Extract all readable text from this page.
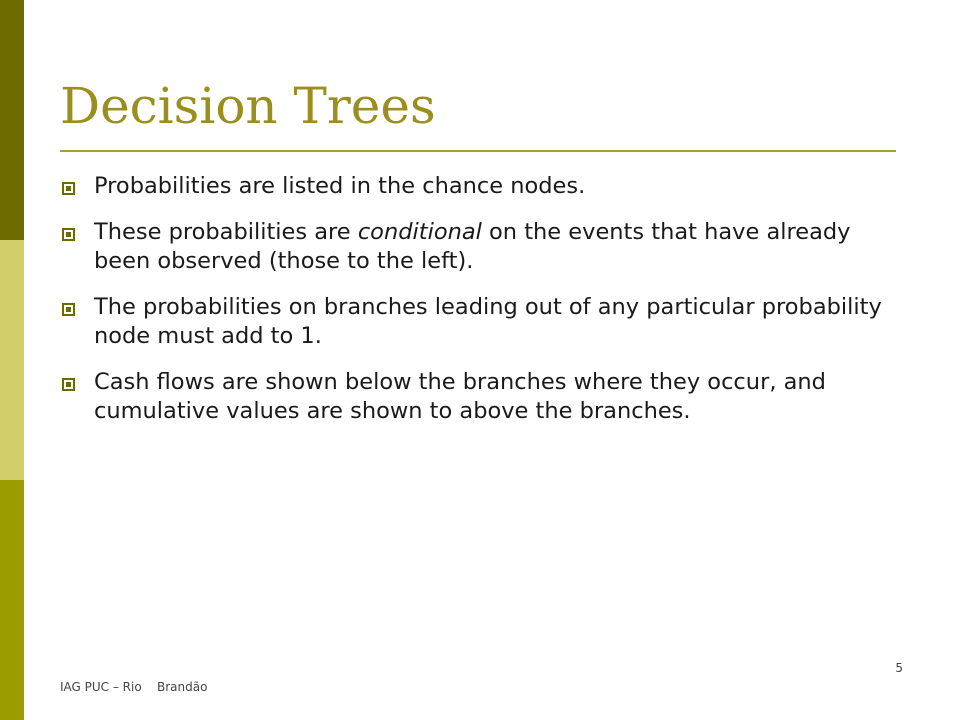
Decision Trees
Probabilities are listed in the chance nodes.
These probabilities are conditional on the events that have already been observed (those to the left).
The probabilities on branches leading out of any particular probability node must add to 1.
Cash flows are shown below the branches where they occur, and cumulative values are shown to above the branches.
IAG PUC – Rio Brandão
5
